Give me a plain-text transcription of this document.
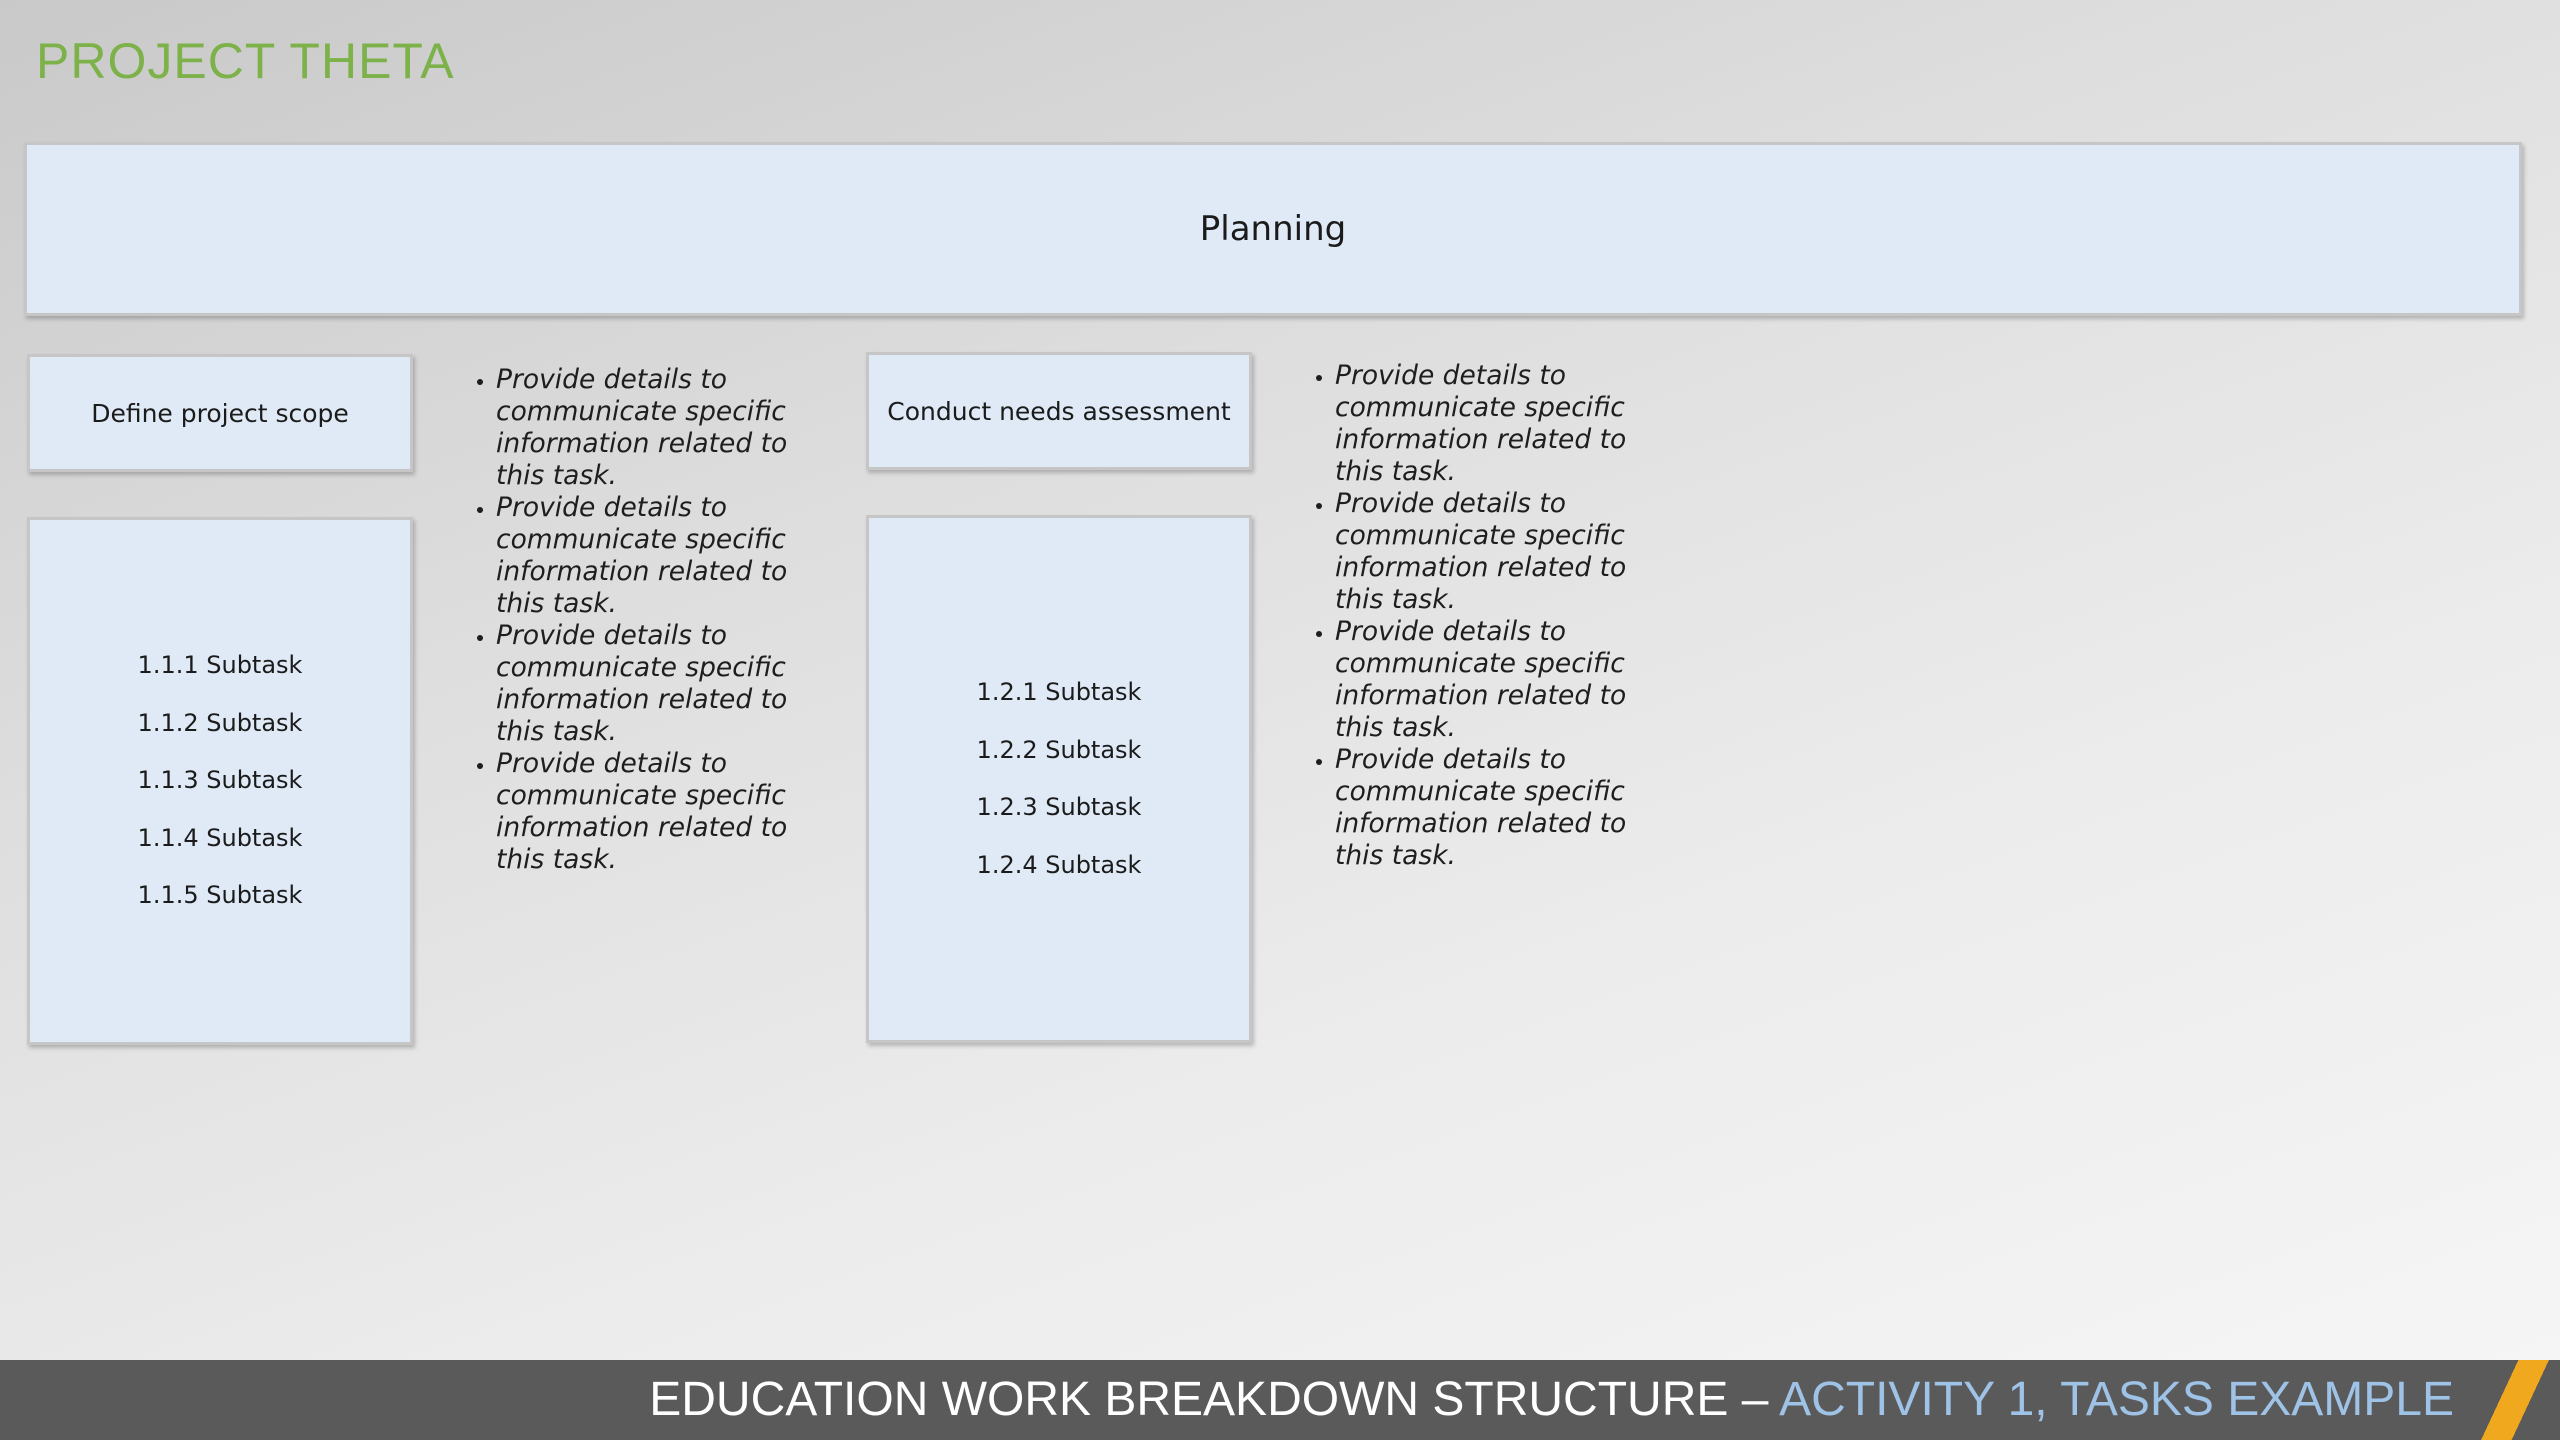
PROJECT THETA
Planning
Define project scope
1.1.1 Subtask
1.1.2 Subtask
1.1.3 Subtask
1.1.4 Subtask
1.1.5 Subtask
• Provide details to communicate specific information related to this task.
• Provide details to communicate specific information related to this task.
• Provide details to communicate specific information related to this task.
• Provide details to communicate specific information related to this task.
Conduct needs assessment
1.2.1 Subtask
1.2.2 Subtask
1.2.3 Subtask
1.2.4 Subtask
• Provide details to communicate specific information related to this task.
• Provide details to communicate specific information related to this task.
• Provide details to communicate specific information related to this task.
• Provide details to communicate specific information related to this task.
EDUCATION WORK BREAKDOWN STRUCTURE – ACTIVITY 1, TASKS EXAMPLE
